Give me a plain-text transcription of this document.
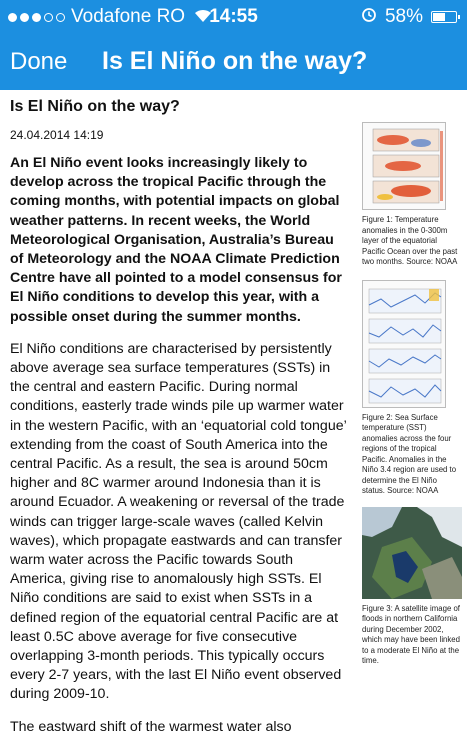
Vodafone RO	14:55	58%
Done Is El Niño on the way?
Is El Niño on the way?
24.04.2014 14:19

An El Niño event looks increasingly likely to develop across the tropical Pacific through the coming months, with potential impacts on global weather patterns. In recent weeks, the World Meteorological Organisation, Australia’s Bureau of Meteorology and the NOAA Climate Prediction Centre have all pointed to a model consensus for El Niño conditions to develop this year, with a possible onset during the summer months.

El Niño conditions are characterised by persistently above average sea surface temperatures (SSTs) in the central and eastern Pacific. During normal conditions, easterly trade winds pile up warmer water in the western Pacific, with an ‘equatorial cold tongue’ extending from the coast of South America into the central Pacific. As a result, the sea is around 50cm higher and 8C warmer around Indonesia than it is around Ecuador. A weakening or reversal of the trade winds can trigger large-scale waves (called Kelvin waves), which propagate eastwards and can transfer warm water across the Pacific towards South America, giving rise to anomalously high SSTs. El Niño conditions are said to exist when SSTs in a defined region of the equatorial central Pacific are at least 0.5C above average for five consecutive overlapping 3-month periods. This typically occurs every 2-7 years, with the last El Niño event observed during 2009-10.

The eastward shift of the warmest water also

Figure 1: Temperature anomalies in the 0-300m layer of the equatorial Pacific Ocean over the past two months. Source: NOAA
Figure 2: Sea Surface temperature (SST) anomalies across the four regions of the tropical Pacific. Anomalies in the Niño 3.4 region are used to determine the El Niño status. Source: NOAA
Figure 3: A satellite image of floods in northern California during December 2002, which may have been linked to a moderate El Niño at the time.
